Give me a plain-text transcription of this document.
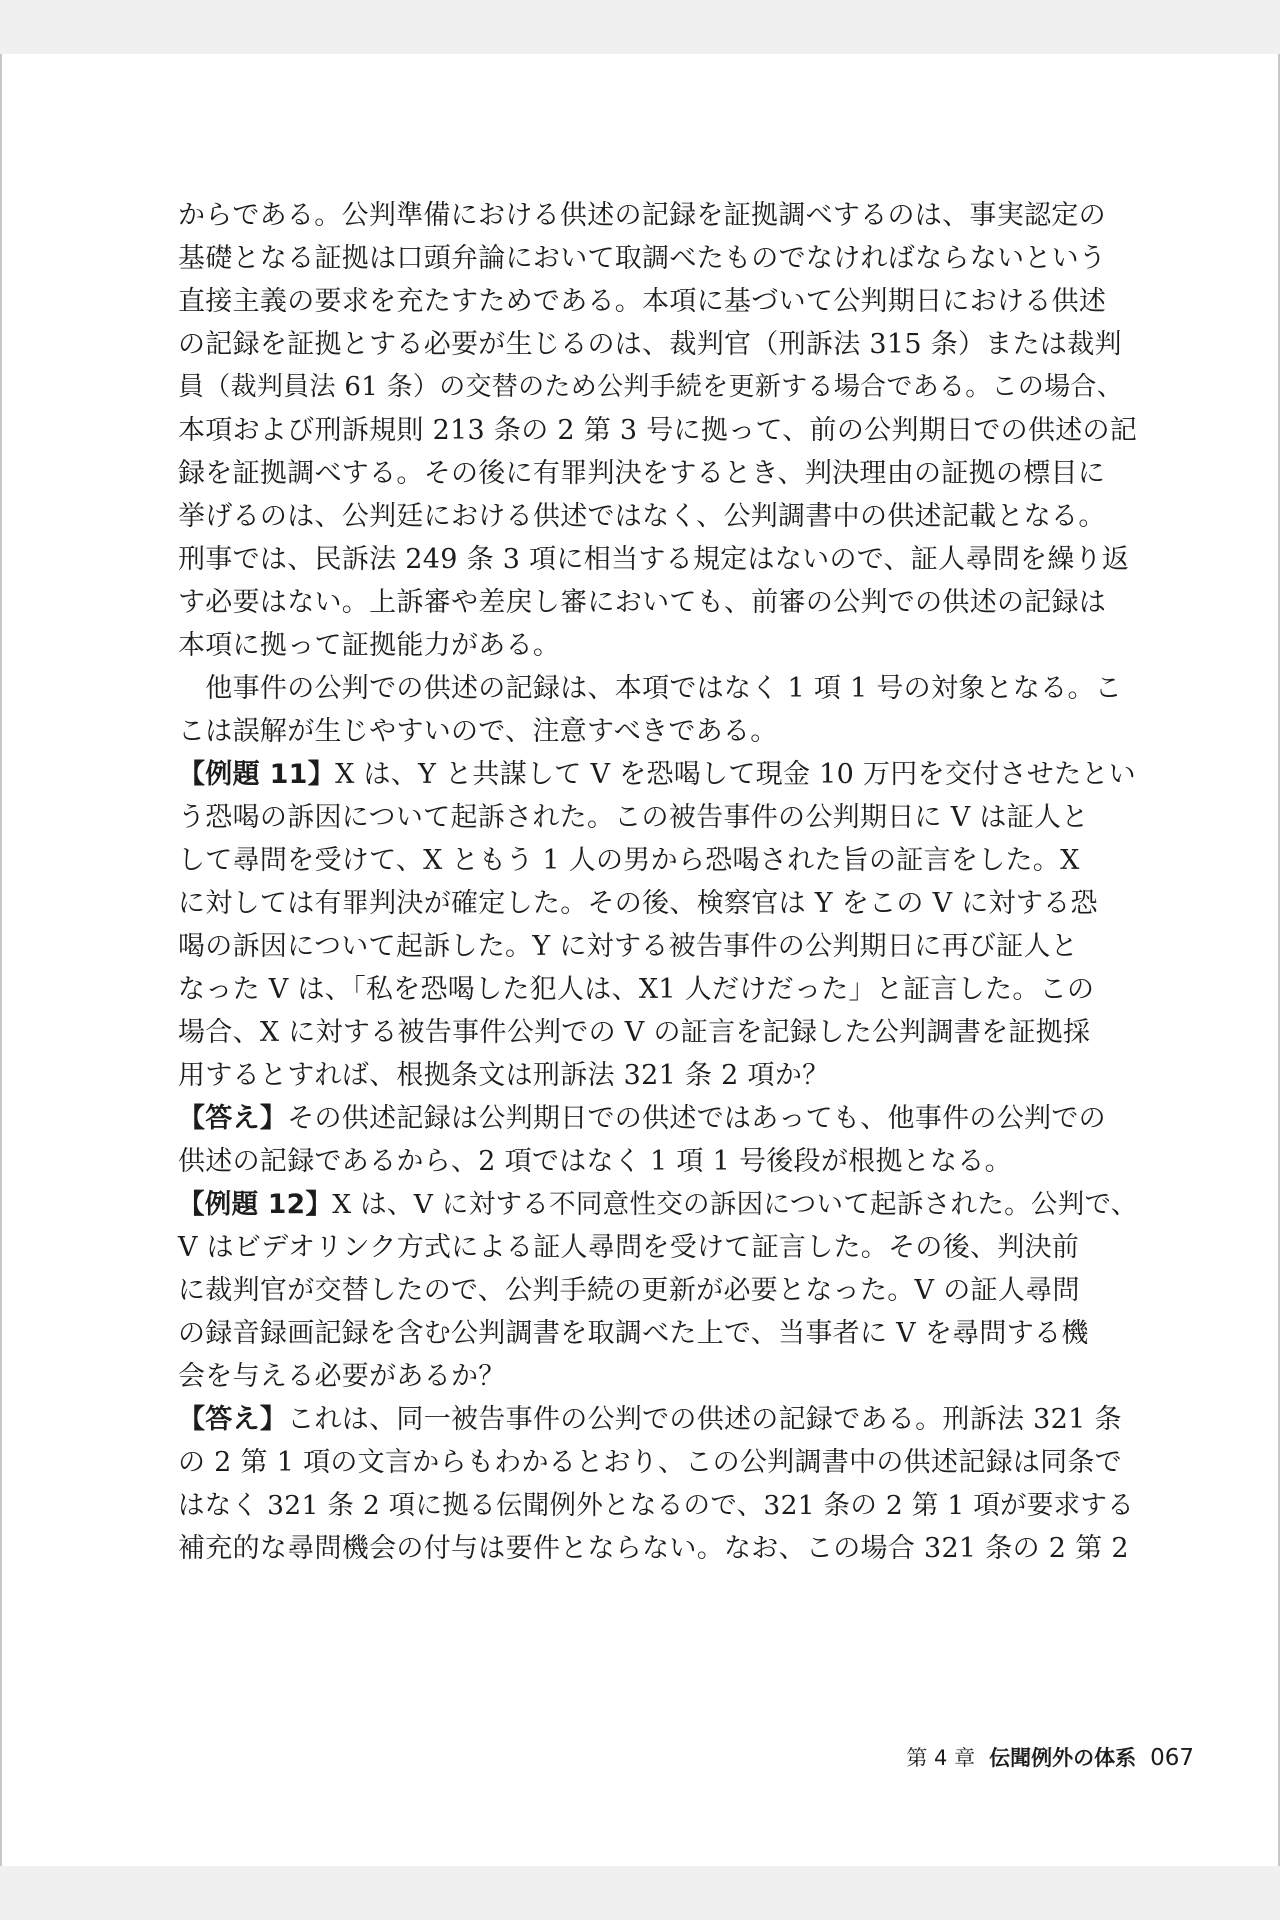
からである。公判準備における供述の記録を証拠調べするのは、事実認定の
基礎となる証拠は口頭弁論において取調べたものでなければならないという
直接主義の要求を充たすためである。本項に基づいて公判期日における供述
の記録を証拠とする必要が生じるのは、裁判官（刑訴法 315 条）または裁判
員（裁判員法 61 条）の交替のため公判手続を更新する場合である。この場合、
本項および刑訴規則 213 条の 2 第 3 号に拠って、前の公判期日での供述の記
録を証拠調べする。その後に有罪判決をするとき、判決理由の証拠の標目に
挙げるのは、公判廷における供述ではなく、公判調書中の供述記載となる。
刑事では、民訴法 249 条 3 項に相当する規定はないので、証人尋問を繰り返
す必要はない。上訴審や差戻し審においても、前審の公判での供述の記録は
本項に拠って証拠能力がある。
　他事件の公判での供述の記録は、本項ではなく 1 項 1 号の対象となる。こ
こは誤解が生じやすいので、注意すべきである。
【例題 11】X は、Y と共謀して V を恐喝して現金 10 万円を交付させたとい
う恐喝の訴因について起訴された。この被告事件の公判期日に V は証人と
して尋問を受けて、X ともう 1 人の男から恐喝された旨の証言をした。X
に対しては有罪判決が確定した。その後、検察官は Y をこの V に対する恐
喝の訴因について起訴した。Y に対する被告事件の公判期日に再び証人と
なった V は、「私を恐喝した犯人は、X1 人だけだった」と証言した。この
場合、X に対する被告事件公判での V の証言を記録した公判調書を証拠採
用するとすれば、根拠条文は刑訴法 321 条 2 項か？
【答え】その供述記録は公判期日での供述ではあっても、他事件の公判での
供述の記録であるから、2 項ではなく 1 項 1 号後段が根拠となる。
【例題 12】X は、V に対する不同意性交の訴因について起訴された。公判で、
V はビデオリンク方式による証人尋問を受けて証言した。その後、判決前
に裁判官が交替したので、公判手続の更新が必要となった。V の証人尋問
の録音録画記録を含む公判調書を取調べた上で、当事者に V を尋問する機
会を与える必要があるか？
【答え】これは、同一被告事件の公判での供述の記録である。刑訴法 321 条
の 2 第 1 項の文言からもわかるとおり、この公判調書中の供述記録は同条で
はなく 321 条 2 項に拠る伝聞例外となるので、321 条の 2 第 1 項が要求する
補充的な尋問機会の付与は要件とならない。なお、この場合 321 条の 2 第 2
第 4 章 伝聞例外の体系 067
